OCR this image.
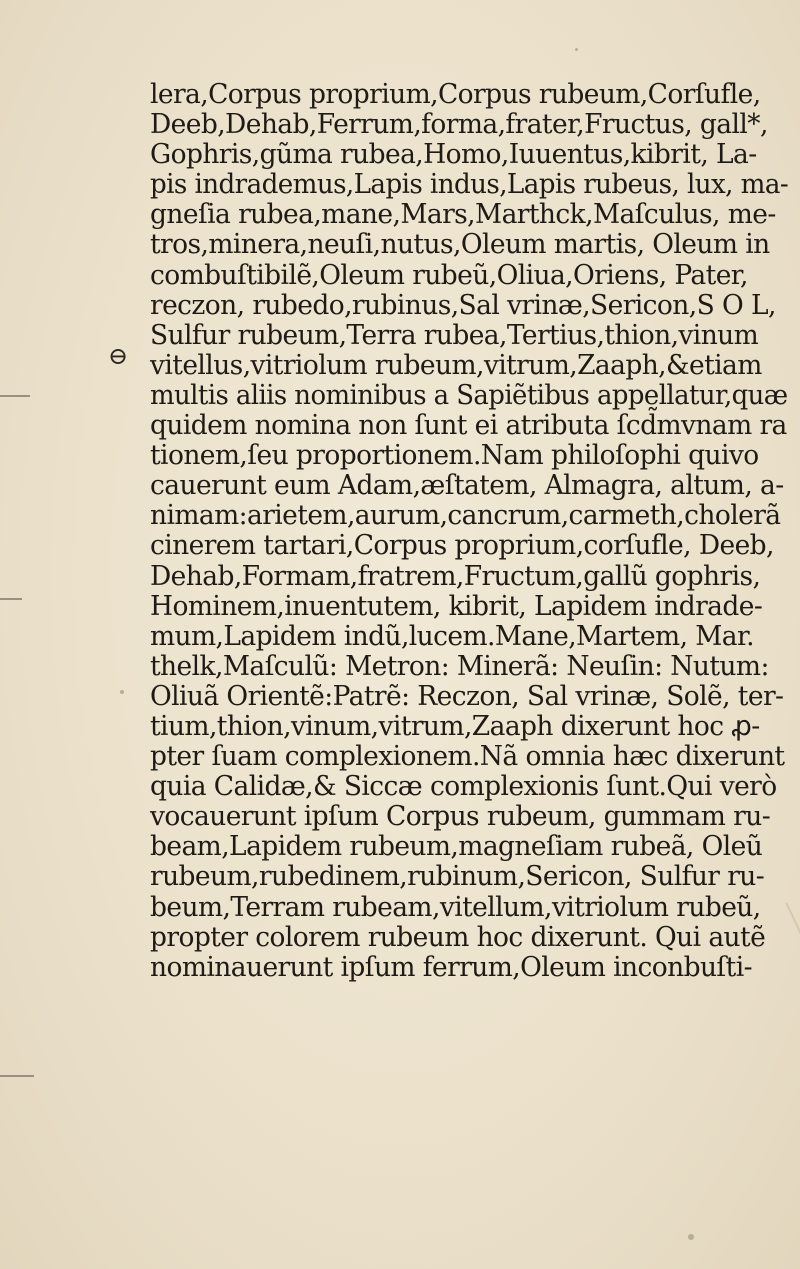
⊖
lera,Corpus proprium,Corpus rubeum,Corſufle,
Deeb,Dehab,Ferrum,forma,frater,Fructus, gall*,
Gophris,gũma rubea,Homo,Iuuentus,kibrit, La-
pis indrademus,Lapis indus,Lapis rubeus, lux, ma-
gneſia rubea,mane,Mars,Marthck,Maſculus, me-
tros,minera,neuſi,nutus,Oleum martis, Oleum in
combuſtibilẽ,Oleum rubeũ,Oliua,Oriens, Pater,
reczon, rubedo,rubinus,Sal vrinæ,Sericon,S O L,
Sulfur rubeum,Terra rubea,Tertius,thion,vinum
vitellus,vitriolum rubeum,vitrum,Zaaph,&etiam
multis aliis nominibus a Sapiẽtibus appellatur,quæ
quidem nomina non ſunt ei atributa ſcd̃mvnam ra
tionem,ſeu proportionem.Nam philoſophi quivo
cauerunt eum Adam,æſtatem, Almagra, altum, a-
nimam:arietem,aurum,cancrum,carmeth,cholerã
cinerem tartari,Corpus proprium,corſufle, Deeb,
Dehab,Formam,fratrem,Fructum,gallũ gophris,
Hominem,inuentutem, kibrit, Lapidem indrade-
mum,Lapidem indũ,lucem.Mane,Martem, Mar.
thelk,Maſculũ: Metron: Minerã: Neuſin: Nutum:
Oliuã Orientẽ:Patrẽ: Reczon, Sal vrinæ, Solẽ, ter-
tium,thion,vinum,vitrum,Zaaph dixerunt hoc ꝓ-
pter ſuam complexionem.Nã omnia hæc dixerunt
quia Calidæ,& Siccæ complexionis ſunt.Qui verò
vocauerunt ipſum Corpus rubeum, gummam ru-
beam,Lapidem rubeum,magneſiam rubeã, Oleũ
rubeum,rubedinem,rubinum,Sericon, Sulfur ru-
beum,Terram rubeam,vitellum,vitriolum rubeũ,
propter colorem rubeum hoc dixerunt. Qui autẽ
nominauerunt ipſum ferrum,Oleum inconbuſti-
